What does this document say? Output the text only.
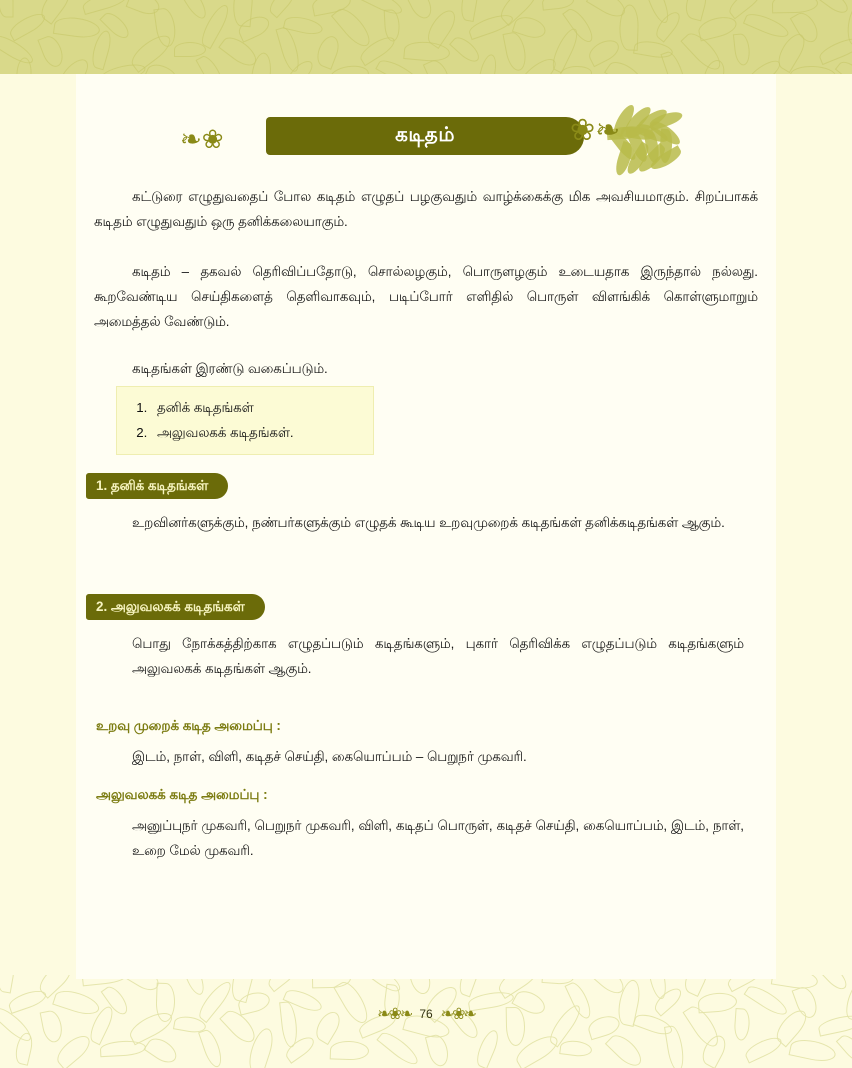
❧❀	கடிதம்	❀❧
கட்டுரை எழுதுவதைப் போல கடிதம் எழுதப் பழகுவதும் வாழ்க்கைக்கு மிக அவசியமாகும். சிறப்பாகக் கடிதம் எழுதுவதும் ஒரு தனிக்கலையாகும்.
கடிதம் – தகவல் தெரிவிப்பதோடு, சொல்லழகும், பொருளழகும் உடையதாக இருந்தால் நல்லது. கூறவேண்டிய செய்திகளைத் தெளிவாகவும், படிப்போர் எளிதில் பொருள் விளங்கிக் கொள்ளுமாறும் அமைத்தல் வேண்டும்.
கடிதங்கள் இரண்டு வகைப்படும்.
1. தனிக் கடிதங்கள்
2. அலுவலகக் கடிதங்கள்.
1. தனிக் கடிதங்கள்
உறவினர்களுக்கும், நண்பர்களுக்கும் எழுதக் கூடிய உறவுமுறைக் கடிதங்கள் தனிக்கடிதங்கள் ஆகும்.
2. அலுவலகக் கடிதங்கள்
பொது நோக்கத்திற்காக எழுதப்படும் கடிதங்களும், புகார் தெரிவிக்க எழுதப்படும் கடிதங்களும் அலுவலகக் கடிதங்கள் ஆகும்.
உறவு முறைக் கடித அமைப்பு :
இடம், நாள், விளி, கடிதச் செய்தி, கையொப்பம் – பெறுநர் முகவரி.
அலுவலகக் கடித அமைப்பு :
அனுப்புநர் முகவரி, பெறுநர் முகவரி, விளி, கடிதப் பொருள், கடிதச் செய்தி, கையொப்பம், இடம், நாள், உறை மேல் முகவரி.
❧❀❧ 76 ❧❀❧
